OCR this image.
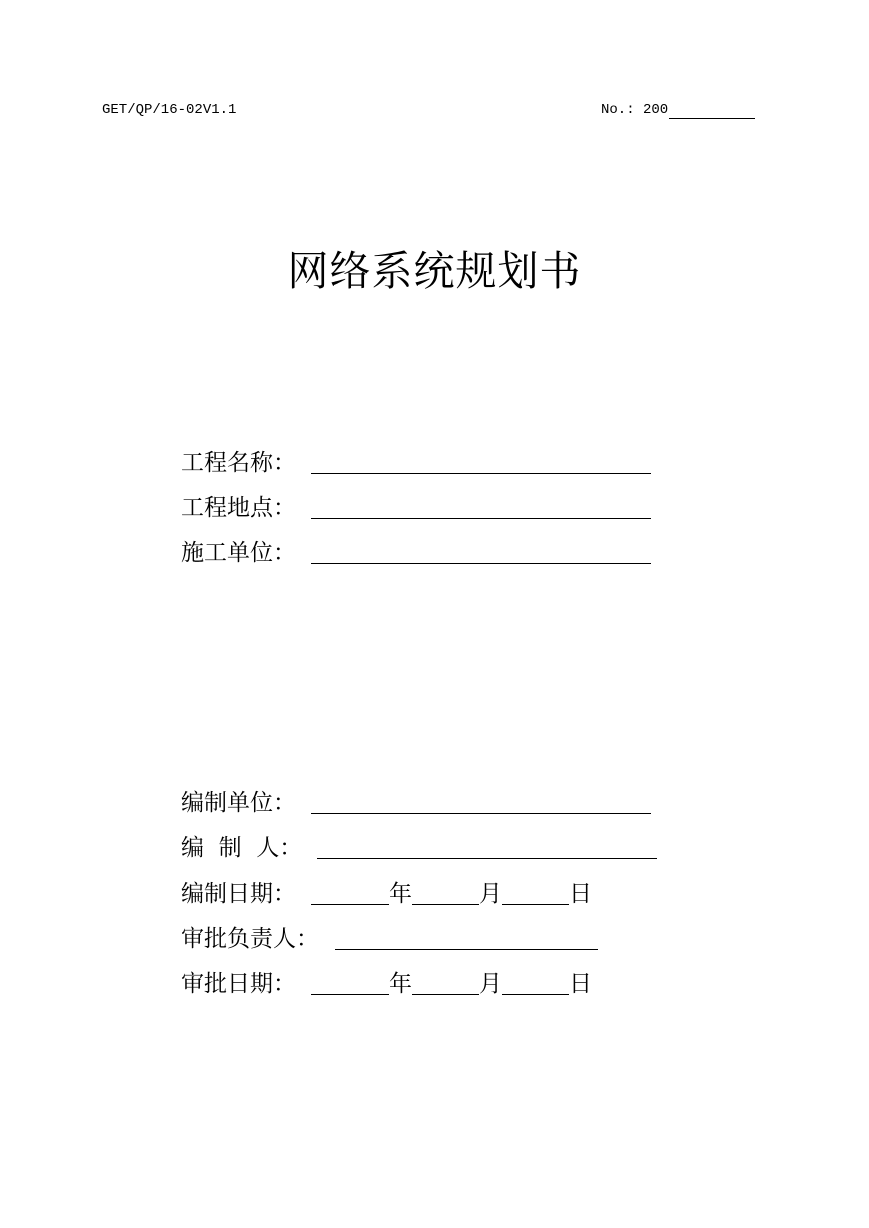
GET/QP/16-02V1.1	No.: 200
网络系统规划书
工程名称：
工程地点：
施工单位：
编制单位：
编  制  人：
编制日期：	年	月	日
审批负责人：
审批日期：	年	月	日
